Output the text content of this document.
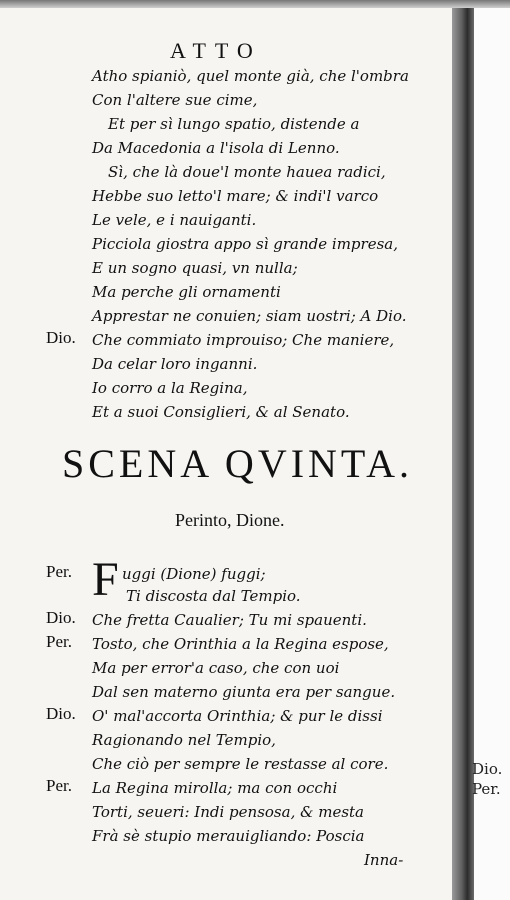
ATTO
Atho spianiò, quel monte già, che l'ombra
Con l'altere sue cime,
Et per sì lungo spatio, distende a
Da Macedonia a l'isola di Lenno.
Sì, che là doue'l monte hauea radici,
Hebbe suo letto'l mare; & indi'l varco
Le vele, e i nauiganti.
Picciola giostra appo sì grande impresa,
E un sogno quasi, vn nulla;
Ma perche gli ornamenti
Apprestar ne conuien; siam uostri; A Dio.
Dio. Che commiato improuiso; Che maniere,
Da celar loro inganni.
Io corro a la Regina,
Et a suoi Consiglieri, & al Senato.
SCENA QVINTA.
Perinto, Dione.
F
Per.	uggi (Dione) fuggi;
Ti discosta dal Tempio.
Dio. Che fretta Caualier; Tu mi spauenti.
Per. Tosto, che Orinthia a la Regina espose,
Ma per error'a caso, che con uoi
Dal sen materno giunta era per sangue.
Dio. O' mal'accorta Orinthia; & pur le dissi
Ragionando nel Tempio,
Che ciò per sempre le restasse al core.
Per. La Regina mirolla; ma con occhi
Torti, seueri: Indi pensosa, & mesta
Frà sè stupio merauigliando: Poscia
Inna-
Dio.
Per.
